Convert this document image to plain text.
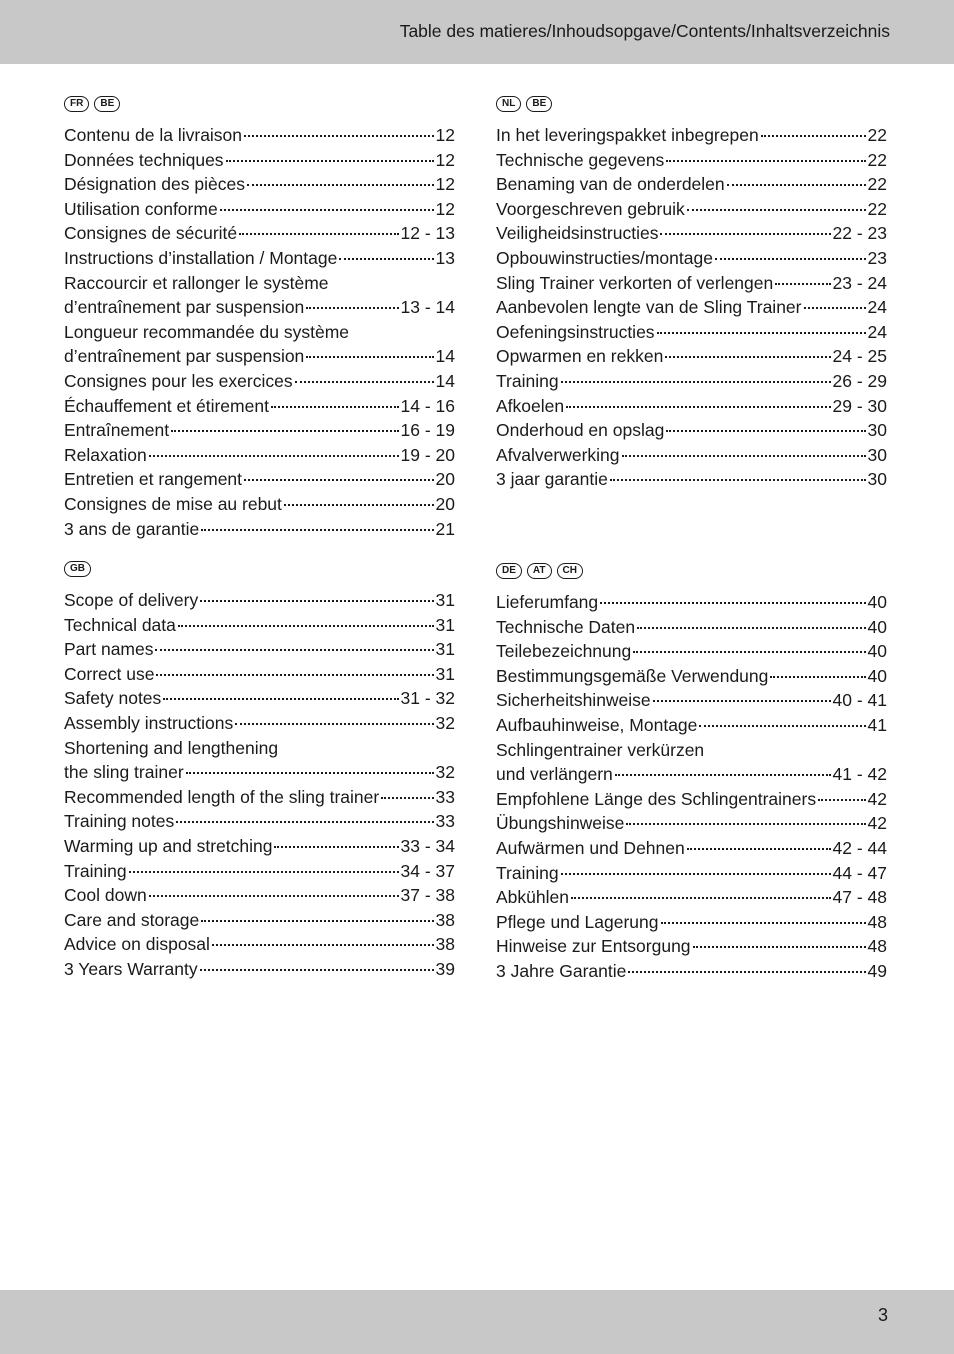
Table des matieres/Inhoudsopgave/Contents/Inhaltsverzeichnis
FR	BE
Contenu de la livraison	12
Données techniques	12
Désignation des pièces	12
Utilisation conforme	12
Consignes de sécurité	12 - 13
Instructions d’installation / Montage	13
Raccourcir et rallonger le système
d’entraînement par suspension	13 - 14
Longueur recommandée du système
d’entraînement par suspension	14
Consignes pour les exercices	14
Échauffement et étirement	14 - 16
Entraînement	16 - 19
Relaxation	19 - 20
Entretien et rangement	20
Consignes de mise au rebut	20
3 ans de garantie	21
NL	BE
In het leveringspakket inbegrepen	22
Technische gegevens	22
Benaming van de onderdelen	22
Voorgeschreven gebruik	22
Veiligheidsinstructies	22 - 23
Opbouwinstructies/montage	23
Sling Trainer verkorten of verlengen	23 - 24
Aanbevolen lengte van de Sling Trainer	24
Oefeningsinstructies	24
Opwarmen en rekken	24 - 25
Training	26 - 29
Afkoelen	29 - 30
Onderhoud en opslag	30
Afvalverwerking	30
3 jaar garantie	30
GB
Scope of delivery	31
Technical data	31
Part names	31
Correct use	31
Safety notes	31 - 32
Assembly instructions	32
Shortening and lengthening
the sling trainer	32
Recommended length of the sling trainer	33
Training notes	33
Warming up and stretching	33 - 34
Training	34 - 37
Cool down	37 - 38
Care and storage	38
Advice on disposal	38
3 Years Warranty	39
DE	AT	CH
Lieferumfang	40
Technische Daten	40
Teilebezeichnung	40
Bestimmungsgemäße Verwendung	40
Sicherheitshinweise	40 - 41
Aufbauhinweise, Montage	41
Schlingentrainer verkürzen
und verlängern	41 - 42
Empfohlene Länge des Schlingentrainers	42
Übungshinweise	42
Aufwärmen und Dehnen	42 - 44
Training	44 - 47
Abkühlen	47 - 48
Pflege und Lagerung	48
Hinweise zur Entsorgung	48
3 Jahre Garantie	49
3
